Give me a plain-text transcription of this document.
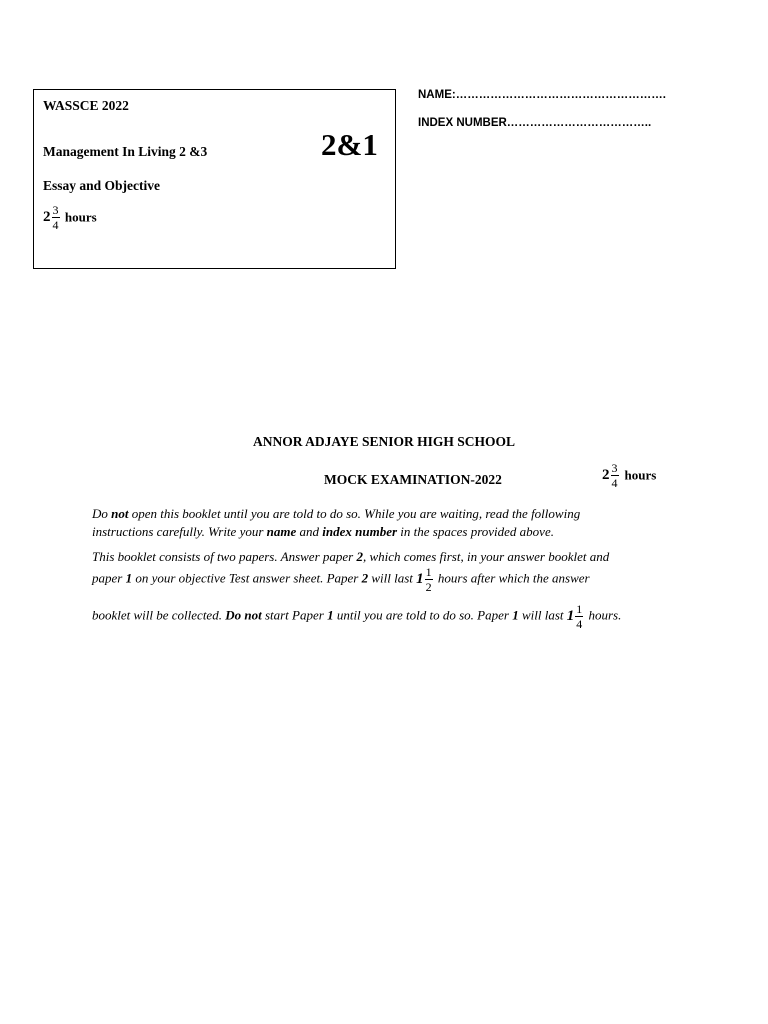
WASSCE 2022
Management In Living 2 &3	2&1
Essay and Objective
$2 \frac{3}{4}$ hours
NAME:……………………………………………….
INDEX NUMBER………………………………..
ANNOR ADJAYE SENIOR HIGH SCHOOL
MOCK EXAMINATION-2022	$2 \frac{3}{4}$ hours
Do not open this booklet until you are told to do so. While you are waiting, read the following
instructions carefully. Write your name and index number in the spaces provided above.
This booklet consists of two papers. Answer paper 2, which comes first, in your answer booklet and
paper 1 on your objective Test answer sheet. Paper 2 will last $1 \frac{1}{2}$ hours after which the answer
booklet will be collected. Do not start Paper 1 until you are told to do so. Paper 1 will last $1 \frac{1}{4}$ hours.
